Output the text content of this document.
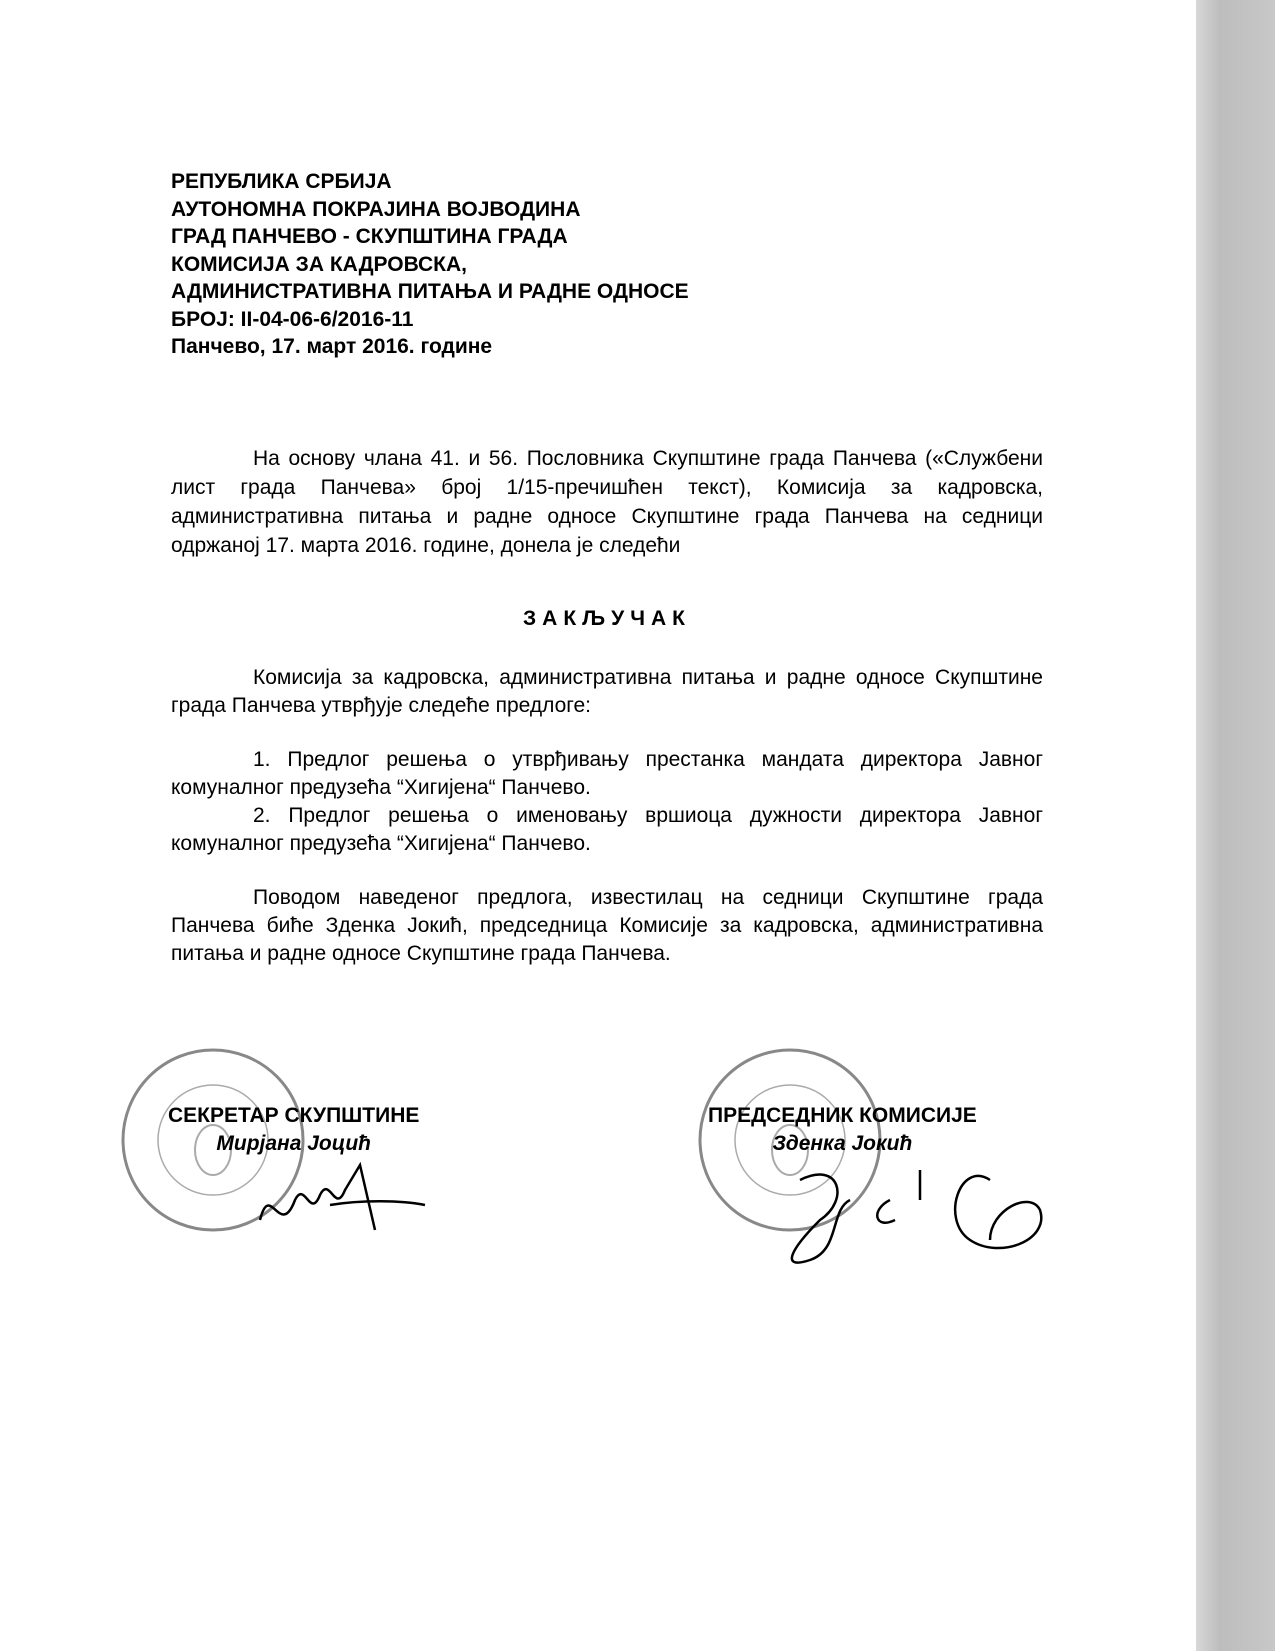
РЕПУБЛИКА СРБИЈА
АУТОНОМНА ПОКРАЈИНА ВОЈВОДИНА
ГРАД ПАНЧЕВО - СКУПШТИНА ГРАДА
КОМИСИЈА ЗА КАДРОВСКА,
АДМИНИСТРАТИВНА ПИТАЊА И РАДНЕ ОДНОСЕ
БРОЈ: II-04-06-6/2016-11
Панчево, 17. март 2016. године
На основу члана 41. и 56. Пословника Скупштине града Панчева («Службени лист града Панчева» број 1/15-пречишћен текст), Комисија за кадровска, административна питања и радне односе Скупштине града Панчева на седници одржаној 17. марта 2016. године, донела је следећи
ЗАКЉУЧАК
Комисија за кадровска, административна питања и радне односе Скупштине града Панчева утврђује следеће предлоге:
1. Предлог решења о утврђивању престанка мандата директора Јавног комуналног предузећа “Хигијена“ Панчево.
2. Предлог решења о именовању вршиоца дужности директора Јавног комуналног предузећа “Хигијена“ Панчево.
Поводом наведеног предлога, известилац на седници Скупштине града Панчева биће Зденка Јокић, председница Комисије за кадровска, административна питања и радне односе Скупштине града Панчева.
СЕКРЕТАР СКУПШТИНЕ
Мирјана Јоцић
ПРЕДСЕДНИК КОМИСИЈЕ
Зденка Јокић
